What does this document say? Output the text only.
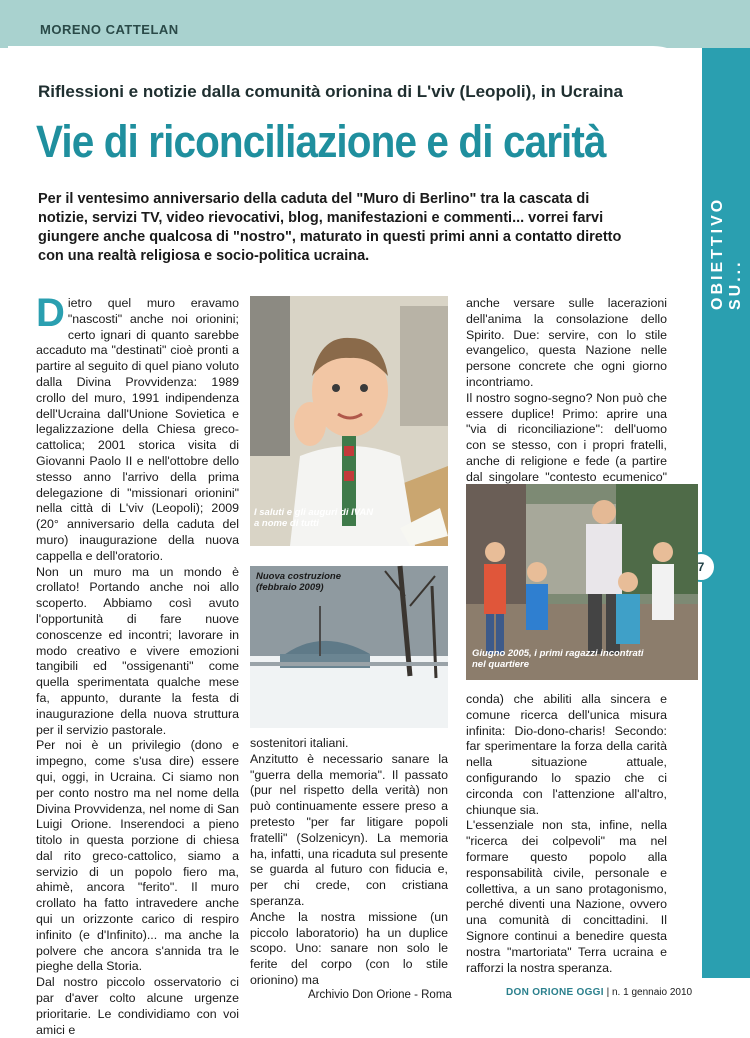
MORENO CATTELAN
OBIETTIVO SU...
7
Riflessioni e notizie dalla comunità orionina di L'viv (Leopoli), in Ucraina
Vie di riconciliazione e di carità
Per il ventesimo anniversario della caduta del "Muro di Berlino" tra la cascata di notizie, servizi TV, video rievocativi, blog, manifestazioni e commenti... vorrei farvi giungere anche qualcosa di "nostro", maturato in questi primi anni a contatto diretto con una realtà religiosa e socio-politica ucraina.

Dietro quel muro eravamo "nascosti" anche noi orionini; certo ignari di quanto sarebbe accaduto ma "destinati" cioè pronti a partire al seguito di quel piano voluto dalla Divina Provvidenza: 1989 crollo del muro, 1991 indipendenza dell'Ucraina dall'Unione Sovietica e legalizzazione della Chiesa greco-cattolica; 2001 storica visita di Giovanni Paolo II e nell'ottobre dello stesso anno l'arrivo della prima delegazione di "missionari orionini" nella città di L'viv (Leopoli); 2009 (20° anniversario della caduta del muro) inaugurazione della nuova cappella e dell'oratorio.

Non un muro ma un mondo è crollato! Portando anche noi allo scoperto. Abbiamo così avuto l'opportunità di fare nuove conoscenze ed incontri; lavorare in modo creativo e vivere emozioni tangibili ed "ossigenanti" come quella sperimentata qualche mese fa, appunto, durante la festa di inaugurazione della nuova struttura per il servizio pastorale.

Per noi è un privilegio (dono e impegno, come s'usa dire) essere qui, oggi, in Ucraina. Ci siamo non per conto nostro ma nel nome della Divina Provvidenza, nel nome di San Luigi Orione. Inserendoci a pieno titolo in questa porzione di chiesa dal rito greco-cattolico, siamo a servizio di un popolo fiero ma, ahimè, ancora "ferito". Il muro crollato ha fatto intravedere anche qui un orizzonte carico di respiro infinito (e d'Infinito)... ma anche la polvere che ancora s'annida tra le pieghe della Storia.

Dal nostro piccolo osservatorio ci par d'aver colto alcune urgenze prioritarie. Le condividiamo con voi amici e

I saluti e gli auguri di IVAN a nome di tutti
Nuova costruzione (febbraio 2009)

sostenitori italiani.

Anzitutto è necessario sanare la "guerra della memoria". Il passato (pur nel rispetto della verità) non può continuamente essere preso a pretesto "per far litigare popoli fratelli" (Solzenicyn). La memoria ha, infatti, una ricaduta sul presente se guarda al futuro con fiducia e, per chi crede, con cristiana speranza.

Anche la nostra missione (un piccolo laboratorio) ha un duplice scopo. Uno: sanare non solo le ferite del corpo (con lo stile orionino) ma

anche versare sulle lacerazioni dell'anima la consolazione dello Spirito. Due: servire, con lo stile evangelico, questa Nazione nelle persone concrete che ogni giorno incontriamo.

Il nostro sogno-segno? Non può che essere duplice! Primo: aprire una "via di riconciliazione": dell'uomo con se stesso, con i propri fratelli, anche di religione e fede (a partire dal singolare "contesto ecumenico"

Giugno 2005, i primi ragazzi incontrati nel quartiere

conda) che abiliti alla sincera e comune ricerca dell'unica misura infinita: Dio-dono-charis! Secondo: far sperimentare la forza della carità nella situazione attuale, configurando lo spazio che ci circonda con l'attenzione all'altro, chiunque sia.

L'essenziale non sta, infine, nella "ricerca dei colpevoli" ma nel formare questo popolo alla responsabilità civile, personale e collettiva, a un sano protagonismo, perché diventi una Nazione, ovvero una comunità di concittadini. Il Signore continui a benedire questa nostra "martoriata" Terra ucraina e rafforzi la nostra speranza.

Archivio Don Orione - Roma	DON ORIONE OGGI | n. 1 gennaio 2010
